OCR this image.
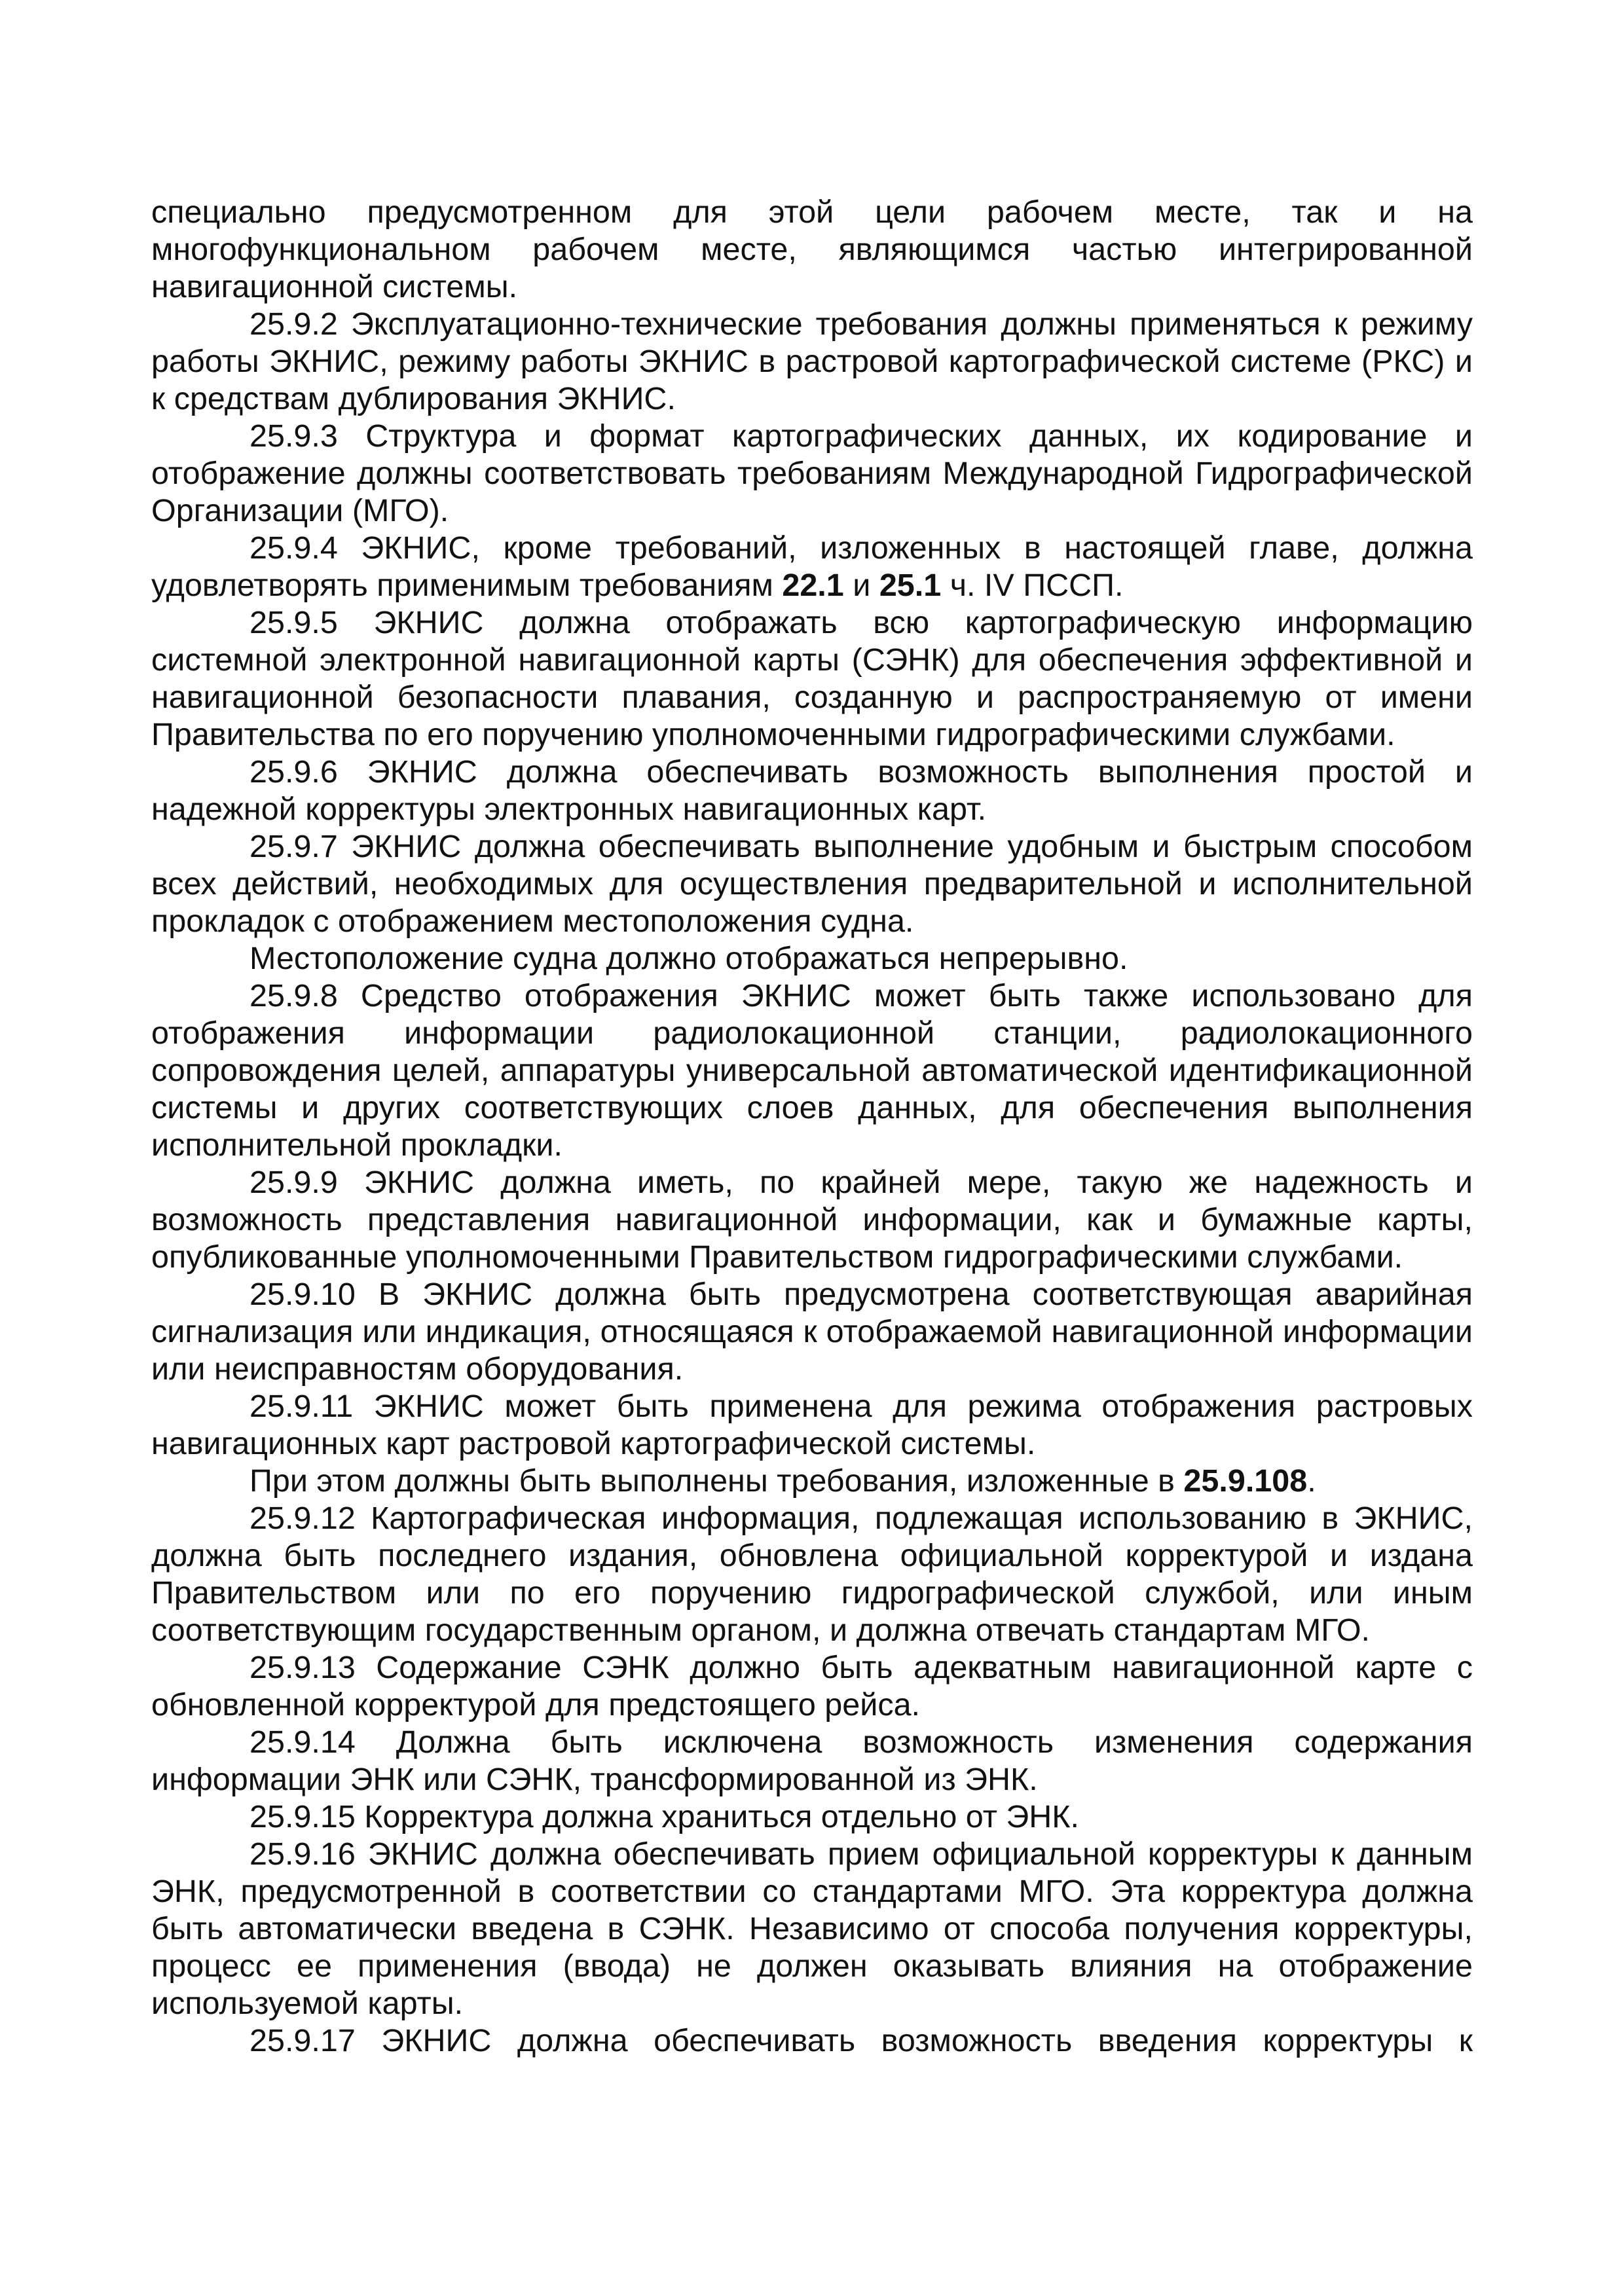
специально предусмотренном для этой цели рабочем месте, так и на многофункциональном рабочем месте, являющимся частью интегрированной навигационной системы.

25.9.2 Эксплуатационно-технические требования должны применяться к режиму работы ЭКНИС, режиму работы ЭКНИС в растровой картографической системе (РКС) и к средствам дублирования ЭКНИС.

25.9.3 Структура и формат картографических данных, их кодирование и отображение должны соответствовать требованиям Международной Гидрографической Организации (МГО).

25.9.4 ЭКНИС, кроме требований, изложенных в настоящей главе, должна удовлетворять применимым требованиям 22.1 и 25.1 ч. IV ПССП.

25.9.5 ЭКНИС должна отображать всю картографическую информацию системной электронной навигационной карты (СЭНК) для обеспечения эффективной и навигационной безопасности плавания, созданную и распространяемую от имени Правительства по его поручению уполномоченными гидрографическими службами.

25.9.6 ЭКНИС должна обеспечивать возможность выполнения простой и надежной корректуры электронных навигационных карт.

25.9.7 ЭКНИС должна обеспечивать выполнение удобным и быстрым способом всех действий, необходимых для осуществления предварительной и исполнительной прокладок с отображением местоположения судна.

Местоположение судна должно отображаться непрерывно.

25.9.8 Средство отображения ЭКНИС может быть также использовано для отображения информации радиолокационной станции, радиолокационного сопровождения целей, аппаратуры универсальной автоматической идентификационной системы и других соответствующих слоев данных, для обеспечения выполнения исполнительной прокладки.

25.9.9 ЭКНИС должна иметь, по крайней мере, такую же надежность и возможность представления навигационной информации, как и бумажные карты, опубликованные уполномоченными Правительством гидрографическими службами.

25.9.10 В ЭКНИС должна быть предусмотрена соответствующая аварийная сигнализация или индикация, относящаяся к отображаемой навигационной информации или неисправностям оборудования.

25.9.11 ЭКНИС может быть применена для режима отображения растровых навигационных карт растровой картографической системы.

При этом должны быть выполнены требования, изложенные в 25.9.108.

25.9.12 Картографическая информация, подлежащая использованию в ЭКНИС, должна быть последнего издания, обновлена официальной корректурой и издана Правительством или по его поручению гидрографической службой, или иным соответствующим государственным органом, и должна отвечать стандартам МГО.

25.9.13 Содержание СЭНК должно быть адекватным навигационной карте с обновленной корректурой для предстоящего рейса.

25.9.14 Должна быть исключена возможность изменения содержания информации ЭНК или СЭНК, трансформированной из ЭНК.

25.9.15 Корректура должна храниться отдельно от ЭНК.

25.9.16 ЭКНИС должна обеспечивать прием официальной корректуры к данным ЭНК, предусмотренной в соответствии со стандартами МГО. Эта корректура должна быть автоматически введена в СЭНК. Независимо от способа получения корректуры, процесс ее применения (ввода) не должен оказывать влияния на отображение используемой карты.

25.9.17 ЭКНИС должна обеспечивать возможность введения корректуры к
